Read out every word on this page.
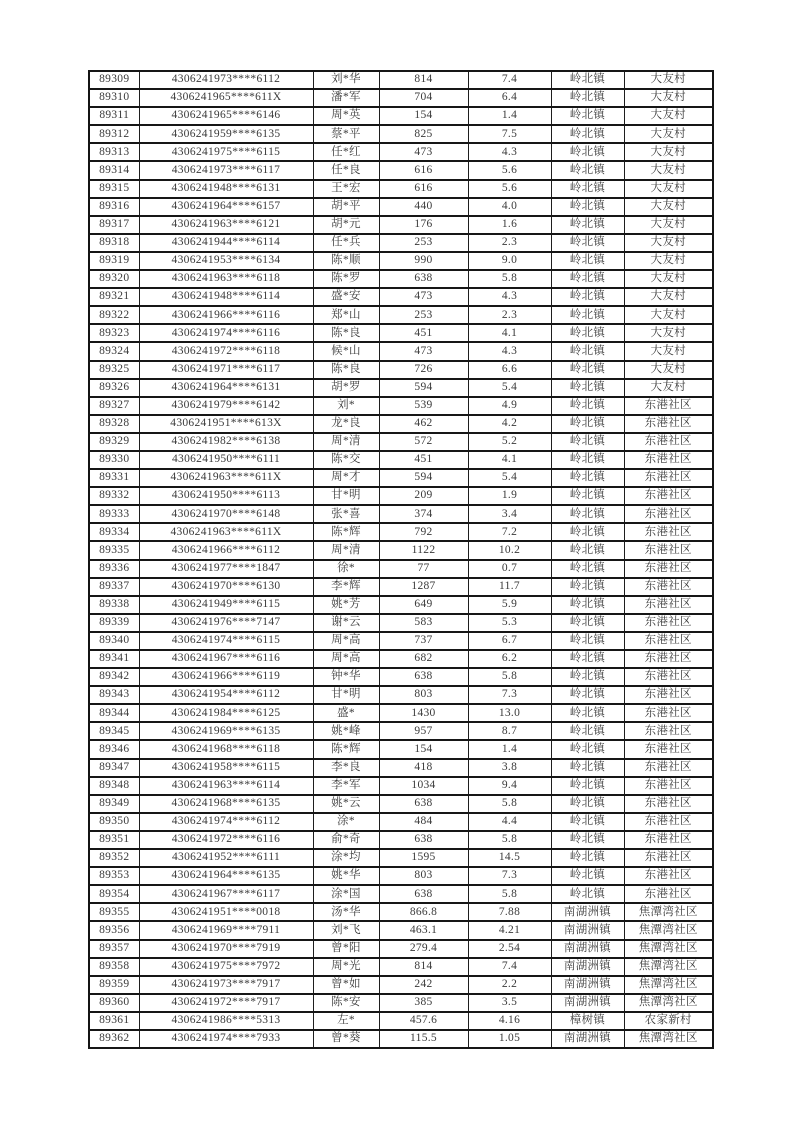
89309	4306241973****6112	刘*华	814	7.4	岭北镇	大友村
89310	4306241965****611X	潘*军	704	6.4	岭北镇	大友村
89311	4306241965****6146	周*英	154	1.4	岭北镇	大友村
89312	4306241959****6135	蔡*平	825	7.5	岭北镇	大友村
89313	4306241975****6115	任*红	473	4.3	岭北镇	大友村
89314	4306241973****6117	任*良	616	5.6	岭北镇	大友村
89315	4306241948****6131	王*宏	616	5.6	岭北镇	大友村
89316	4306241964****6157	胡*平	440	4.0	岭北镇	大友村
89317	4306241963****6121	胡*元	176	1.6	岭北镇	大友村
89318	4306241944****6114	任*兵	253	2.3	岭北镇	大友村
89319	4306241953****6134	陈*顺	990	9.0	岭北镇	大友村
89320	4306241963****6118	陈*罗	638	5.8	岭北镇	大友村
89321	4306241948****6114	盛*安	473	4.3	岭北镇	大友村
89322	4306241966****6116	郑*山	253	2.3	岭北镇	大友村
89323	4306241974****6116	陈*良	451	4.1	岭北镇	大友村
89324	4306241972****6118	候*山	473	4.3	岭北镇	大友村
89325	4306241971****6117	陈*良	726	6.6	岭北镇	大友村
89326	4306241964****6131	胡*罗	594	5.4	岭北镇	大友村
89327	4306241979****6142	刘*	539	4.9	岭北镇	东港社区
89328	4306241951****613X	龙*良	462	4.2	岭北镇	东港社区
89329	4306241982****6138	周*清	572	5.2	岭北镇	东港社区
89330	4306241950****6111	陈*交	451	4.1	岭北镇	东港社区
89331	4306241963****611X	周*才	594	5.4	岭北镇	东港社区
89332	4306241950****6113	甘*明	209	1.9	岭北镇	东港社区
89333	4306241970****6148	张*喜	374	3.4	岭北镇	东港社区
89334	4306241963****611X	陈*辉	792	7.2	岭北镇	东港社区
89335	4306241966****6112	周*清	1122	10.2	岭北镇	东港社区
89336	4306241977****1847	徐*	77	0.7	岭北镇	东港社区
89337	4306241970****6130	李*辉	1287	11.7	岭北镇	东港社区
89338	4306241949****6115	姚*芳	649	5.9	岭北镇	东港社区
89339	4306241976****7147	谢*云	583	5.3	岭北镇	东港社区
89340	4306241974****6115	周*高	737	6.7	岭北镇	东港社区
89341	4306241967****6116	周*高	682	6.2	岭北镇	东港社区
89342	4306241966****6119	钟*华	638	5.8	岭北镇	东港社区
89343	4306241954****6112	甘*明	803	7.3	岭北镇	东港社区
89344	4306241984****6125	盛*	1430	13.0	岭北镇	东港社区
89345	4306241969****6135	姚*峰	957	8.7	岭北镇	东港社区
89346	4306241968****6118	陈*辉	154	1.4	岭北镇	东港社区
89347	4306241958****6115	李*良	418	3.8	岭北镇	东港社区
89348	4306241963****6114	李*军	1034	9.4	岭北镇	东港社区
89349	4306241968****6135	姚*云	638	5.8	岭北镇	东港社区
89350	4306241974****6112	涂*	484	4.4	岭北镇	东港社区
89351	4306241972****6116	俞*奇	638	5.8	岭北镇	东港社区
89352	4306241952****6111	涂*均	1595	14.5	岭北镇	东港社区
89353	4306241964****6135	姚*华	803	7.3	岭北镇	东港社区
89354	4306241967****6117	涂*国	638	5.8	岭北镇	东港社区
89355	4306241951****0018	汤*华	866.8	7.88	南湖洲镇	焦潭湾社区
89356	4306241969****7911	刘*飞	463.1	4.21	南湖洲镇	焦潭湾社区
89357	4306241970****7919	曾*阳	279.4	2.54	南湖洲镇	焦潭湾社区
89358	4306241975****7972	周*光	814	7.4	南湖洲镇	焦潭湾社区
89359	4306241973****7917	曾*如	242	2.2	南湖洲镇	焦潭湾社区
89360	4306241972****7917	陈*安	385	3.5	南湖洲镇	焦潭湾社区
89361	4306241986****5313	左*	457.6	4.16	樟树镇	农家新村
89362	4306241974****7933	曾*葵	115.5	1.05	南湖洲镇	焦潭湾社区
